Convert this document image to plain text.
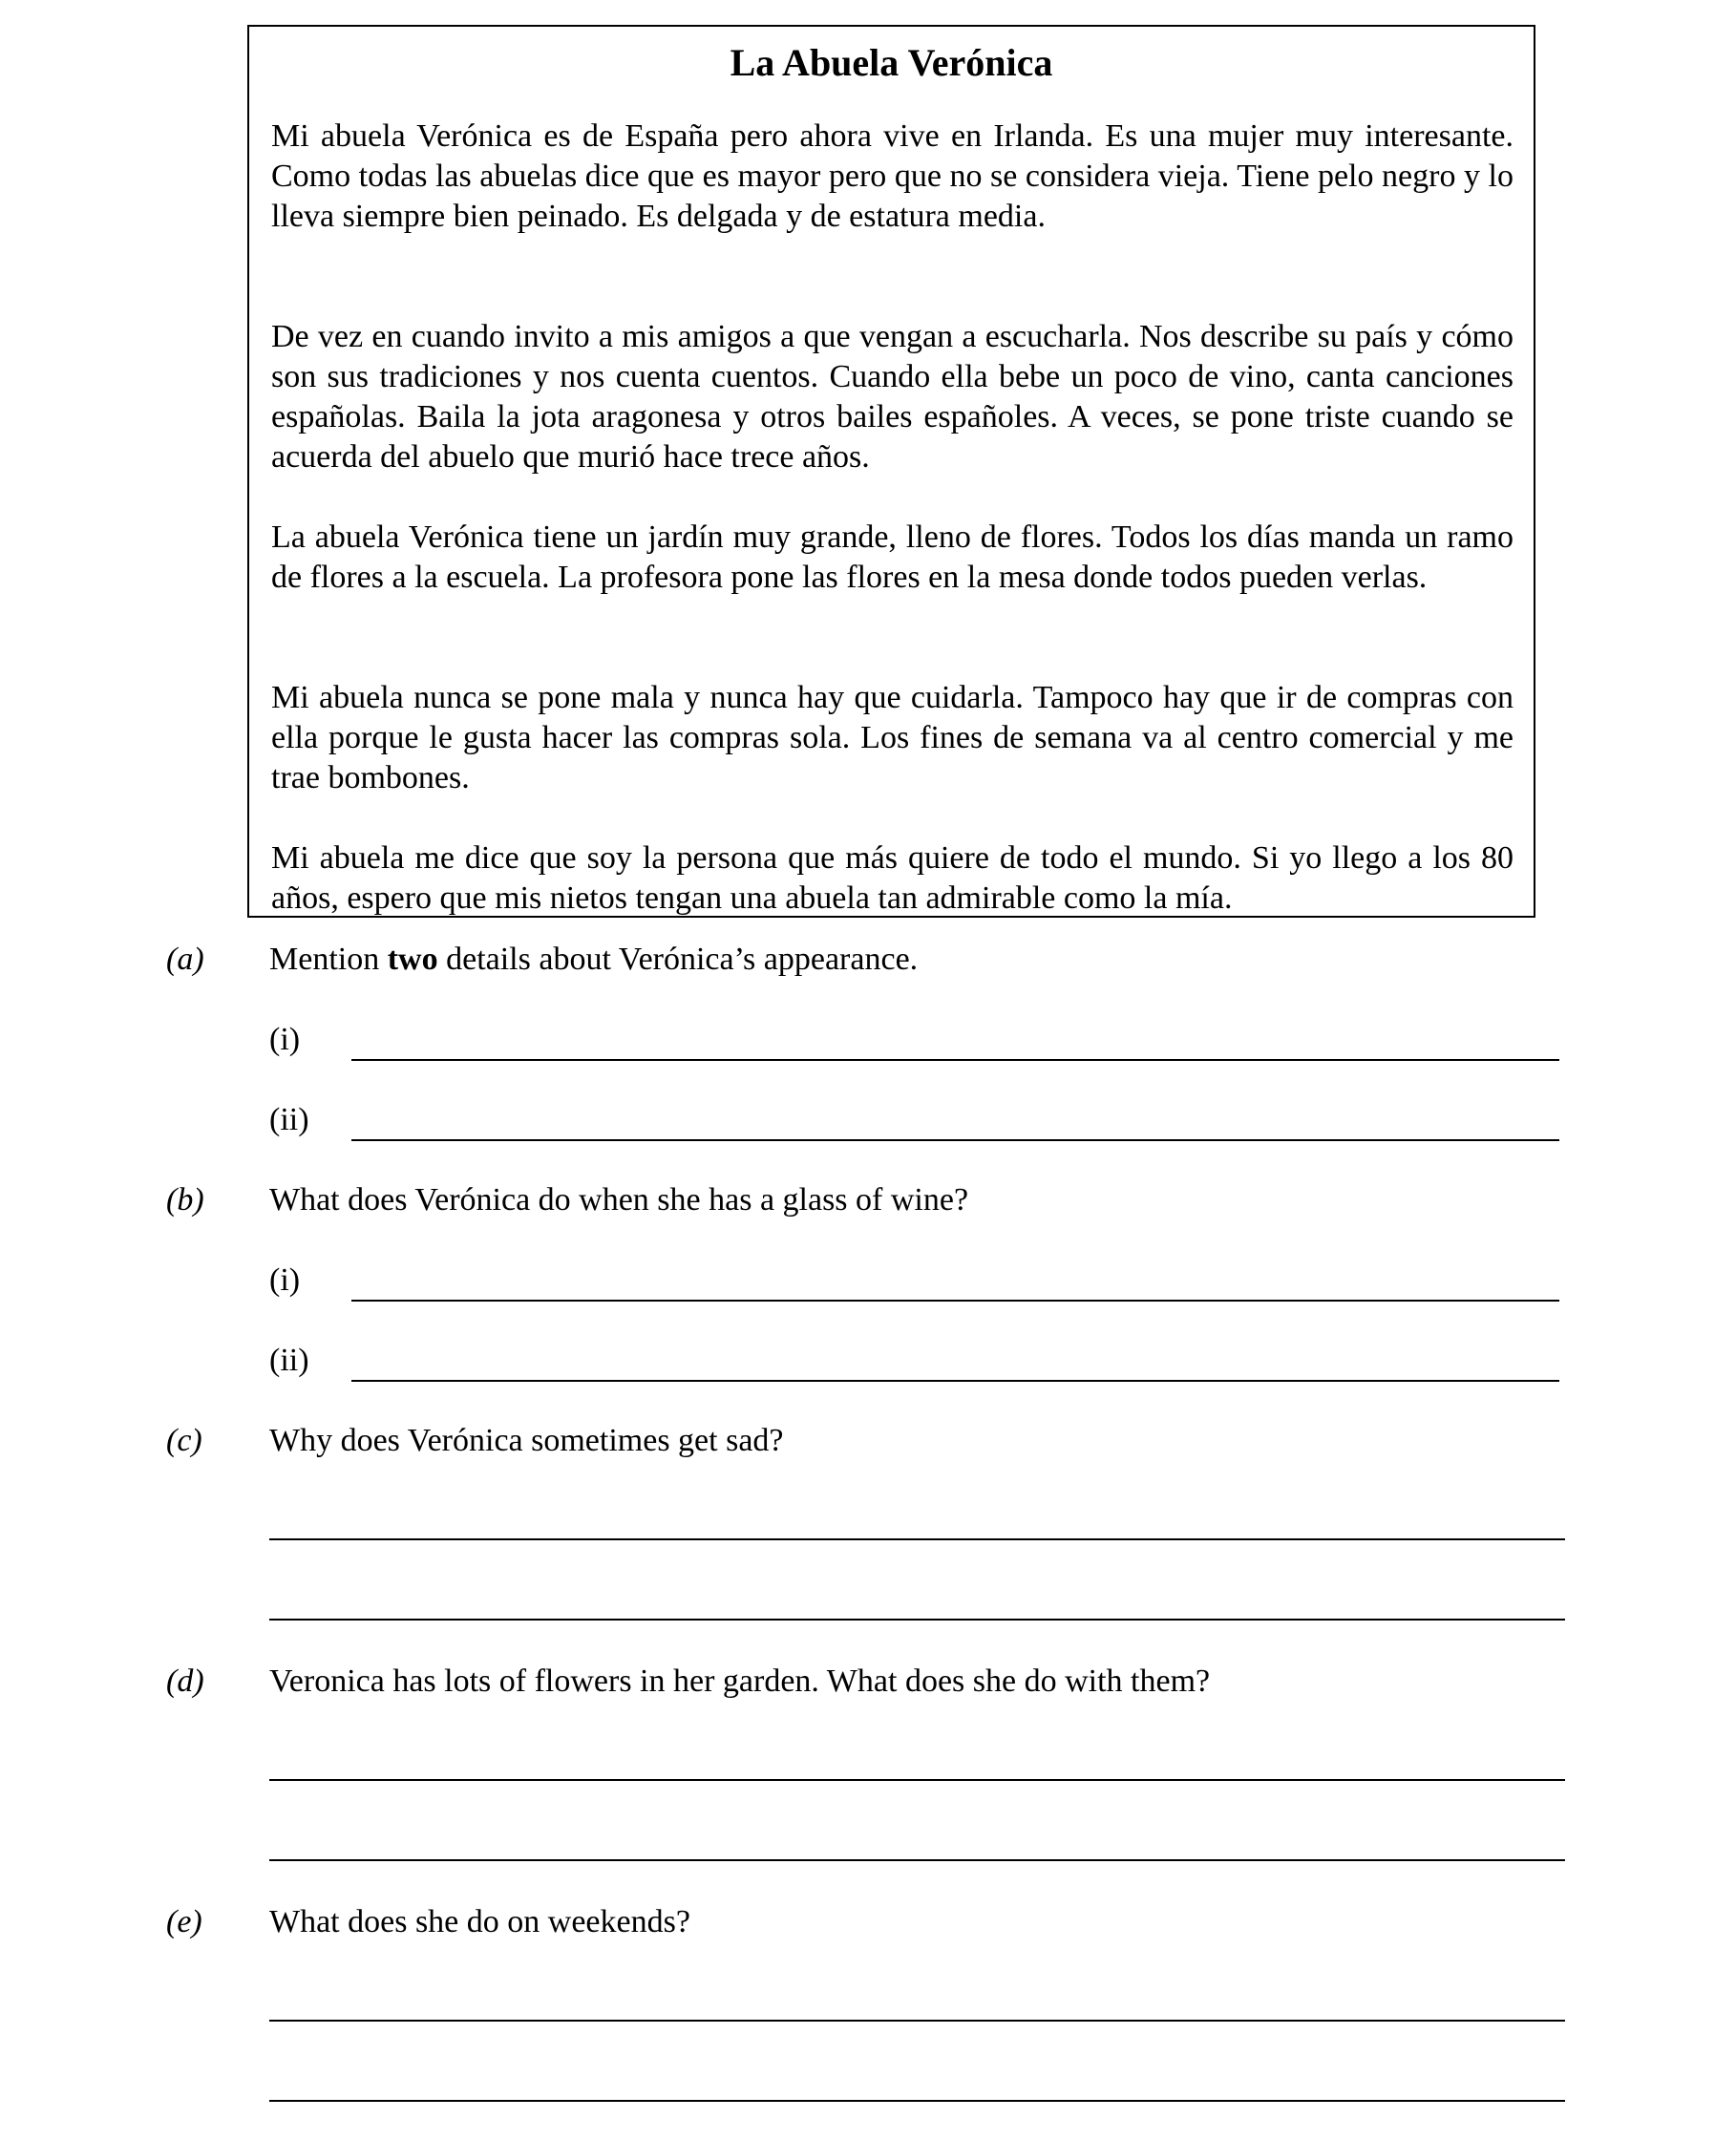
La Abuela Verónica

Mi abuela Verónica es de España pero ahora vive en Irlanda. Es una mujer muy interesante. Como todas las abuelas dice que es mayor pero que no se considera vieja. Tiene pelo negro y lo lleva siempre bien peinado. Es delgada y de estatura media.

De vez en cuando invito a mis amigos a que vengan a escucharla. Nos describe su país y cómo son sus tradiciones y nos cuenta cuentos. Cuando ella bebe un poco de vino, canta canciones españolas. Baila la jota aragonesa y otros bailes españoles. A veces, se pone triste cuando se acuerda del abuelo que murió hace trece años.

La abuela Verónica tiene un jardín muy grande, lleno de flores. Todos los días manda un ramo de flores a la escuela. La profesora pone las flores en la mesa donde todos pueden verlas.

Mi abuela nunca se pone mala y nunca hay que cuidarla. Tampoco hay que ir de compras con ella porque le gusta hacer las compras sola. Los fines de semana va al centro comercial y me trae bombones.

Mi abuela me dice que soy la persona que más quiere de todo el mundo. Si yo llego a los 80 años, espero que mis nietos tengan una abuela tan admirable como la mía.

(a) Mention two details about Verónica’s appearance.

(i)

(ii)

(b) What does Verónica do when she has a glass of wine?

(i)

(ii)

(c) Why does Verónica sometimes get sad?

(d) Veronica has lots of flowers in her garden. What does she do with them?

(e) What does she do on weekends?
